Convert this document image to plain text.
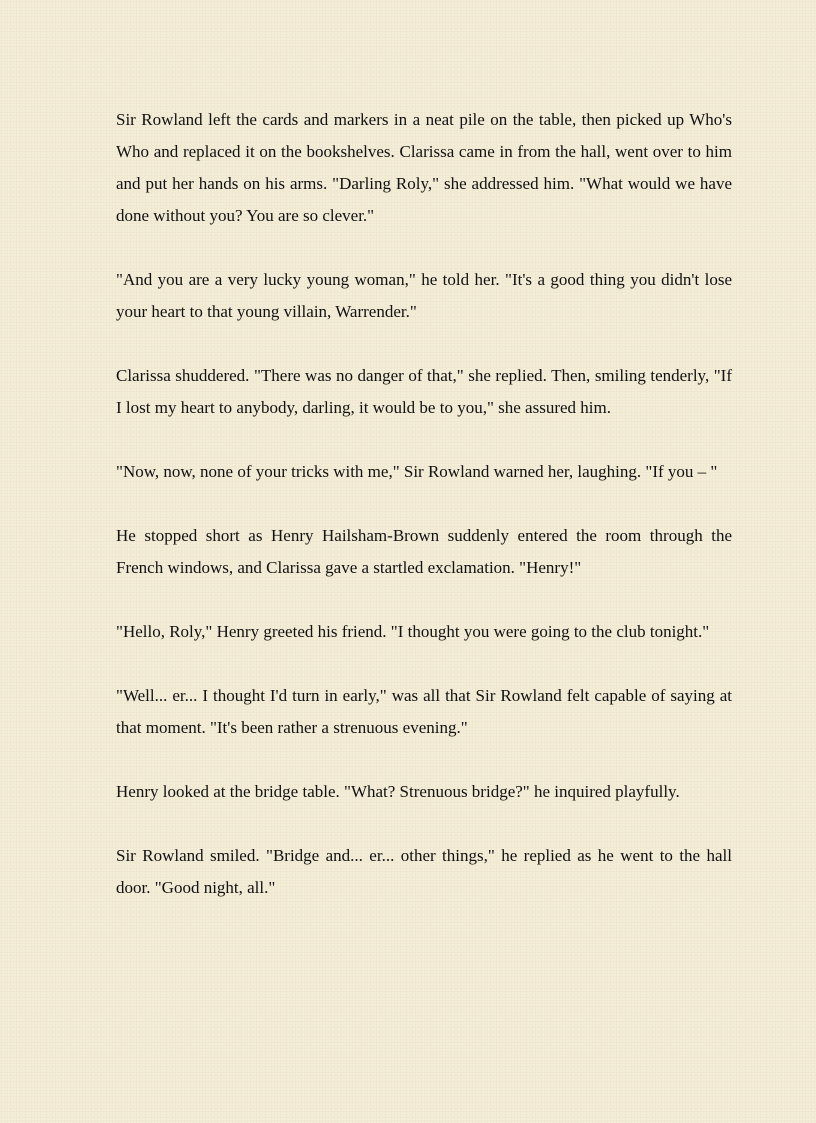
Sir Rowland left the cards and markers in a neat pile on the table, then picked up Who's Who and replaced it on the bookshelves. Clarissa came in from the hall, went over to him and put her hands on his arms. "Darling Roly," she addressed him. "What would we have done without you? You are so clever."

"And you are a very lucky young woman," he told her. "It's a good thing you didn't lose your heart to that young villain, Warrender."

Clarissa shuddered. "There was no danger of that," she replied. Then, smiling tenderly, "If I lost my heart to anybody, darling, it would be to you," she assured him.

"Now, now, none of your tricks with me," Sir Rowland warned her, laughing. "If you – "

He stopped short as Henry Hailsham-Brown suddenly entered the room through the French windows, and Clarissa gave a startled exclamation. "Henry!"

"Hello, Roly," Henry greeted his friend. "I thought you were going to the club tonight."

"Well... er... I thought I'd turn in early," was all that Sir Rowland felt capable of saying at that moment. "It's been rather a strenuous evening."

Henry looked at the bridge table. "What? Strenuous bridge?" he inquired playfully.

Sir Rowland smiled. "Bridge and... er... other things," he replied as he went to the hall door. "Good night, all."
